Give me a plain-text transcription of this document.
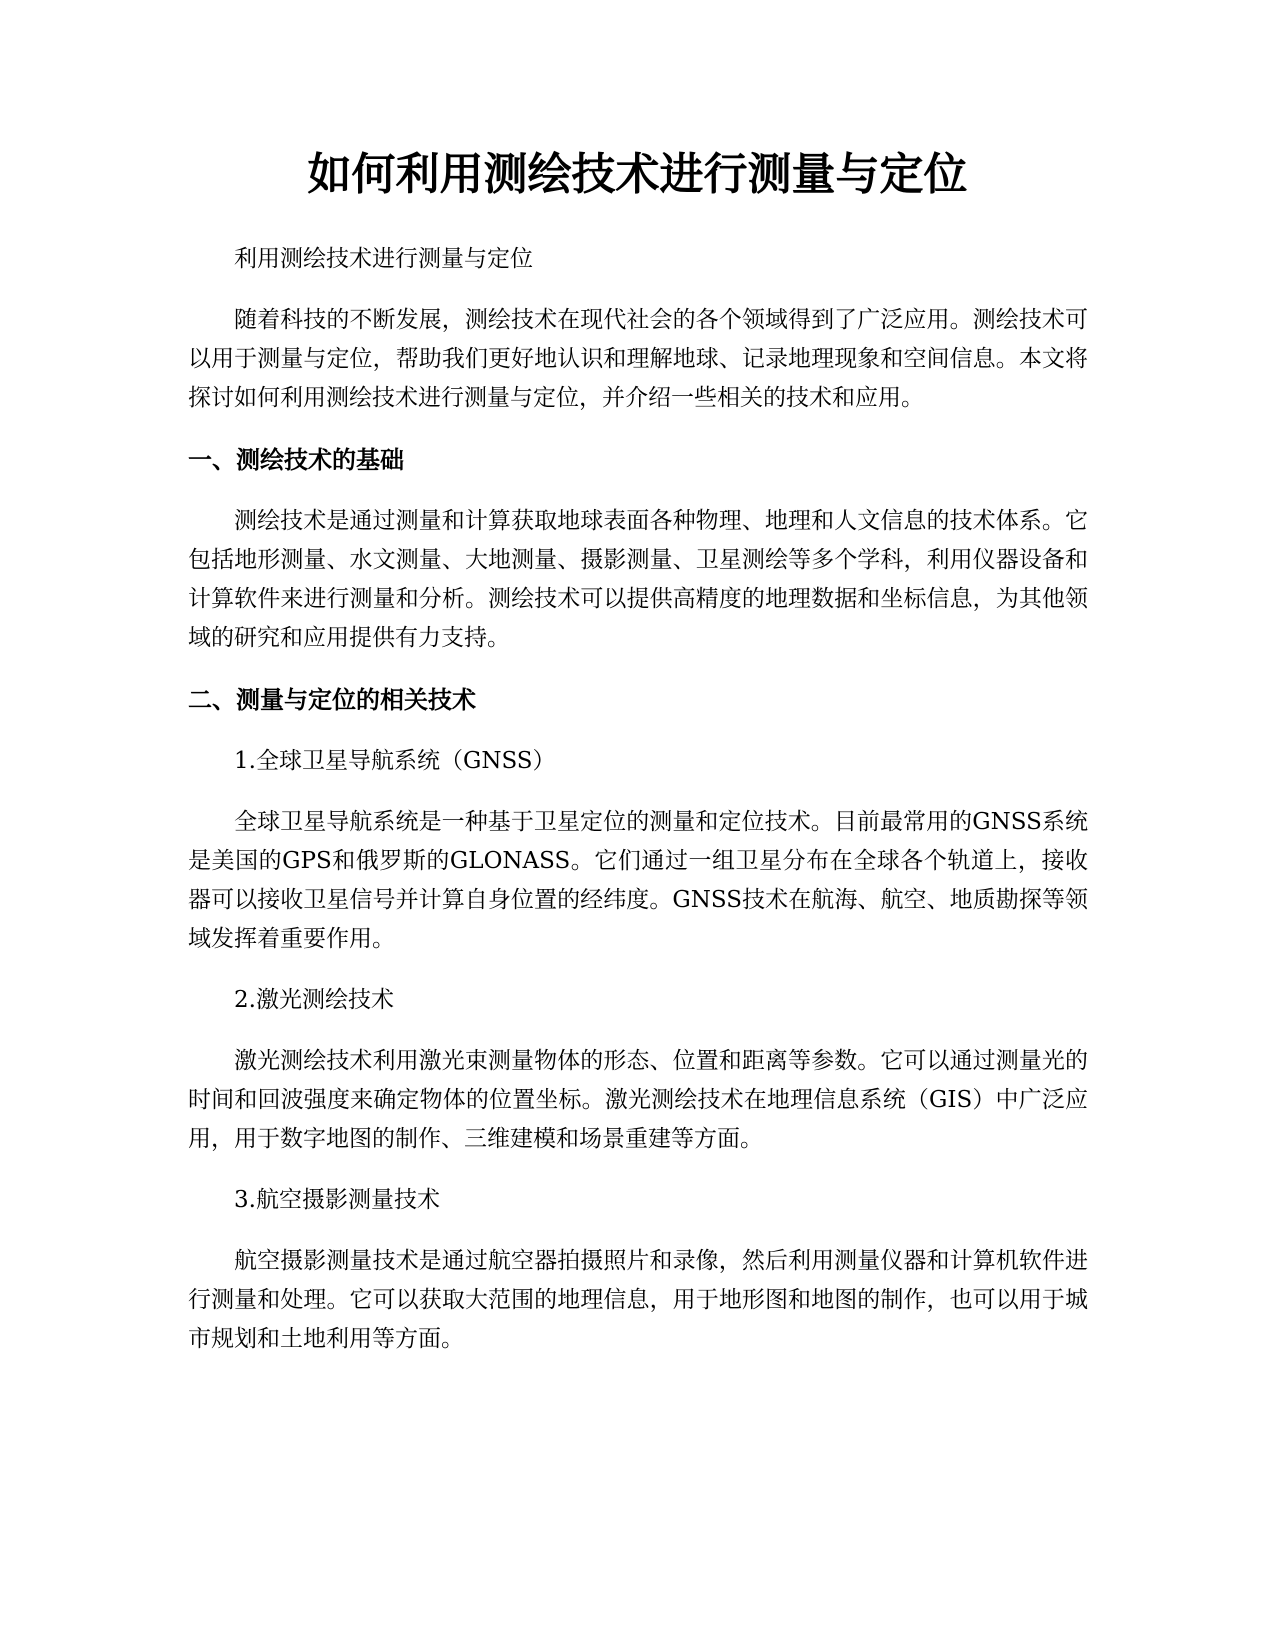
如何利用测绘技术进行测量与定位

利用测绘技术进行测量与定位

随着科技的不断发展，测绘技术在现代社会的各个领域得到了广泛应用。测绘技术可以用于测量与定位，帮助我们更好地认识和理解地球、记录地理现象和空间信息。本文将探讨如何利用测绘技术进行测量与定位，并介绍一些相关的技术和应用。

一、测绘技术的基础

测绘技术是通过测量和计算获取地球表面各种物理、地理和人文信息的技术体系。它包括地形测量、水文测量、大地测量、摄影测量、卫星测绘等多个学科，利用仪器设备和计算软件来进行测量和分析。测绘技术可以提供高精度的地理数据和坐标信息，为其他领域的研究和应用提供有力支持。

二、测量与定位的相关技术

1.全球卫星导航系统（GNSS）

全球卫星导航系统是一种基于卫星定位的测量和定位技术。目前最常用的GNSS系统是美国的GPS和俄罗斯的GLONASS。它们通过一组卫星分布在全球各个轨道上，接收器可以接收卫星信号并计算自身位置的经纬度。GNSS技术在航海、航空、地质勘探等领域发挥着重要作用。

2.激光测绘技术

激光测绘技术利用激光束测量物体的形态、位置和距离等参数。它可以通过测量光的时间和回波强度来确定物体的位置坐标。激光测绘技术在地理信息系统（GIS）中广泛应用，用于数字地图的制作、三维建模和场景重建等方面。

3.航空摄影测量技术

航空摄影测量技术是通过航空器拍摄照片和录像，然后利用测量仪器和计算机软件进行测量和处理。它可以获取大范围的地理信息，用于地形图和地图的制作，也可以用于城市规划和土地利用等方面。
